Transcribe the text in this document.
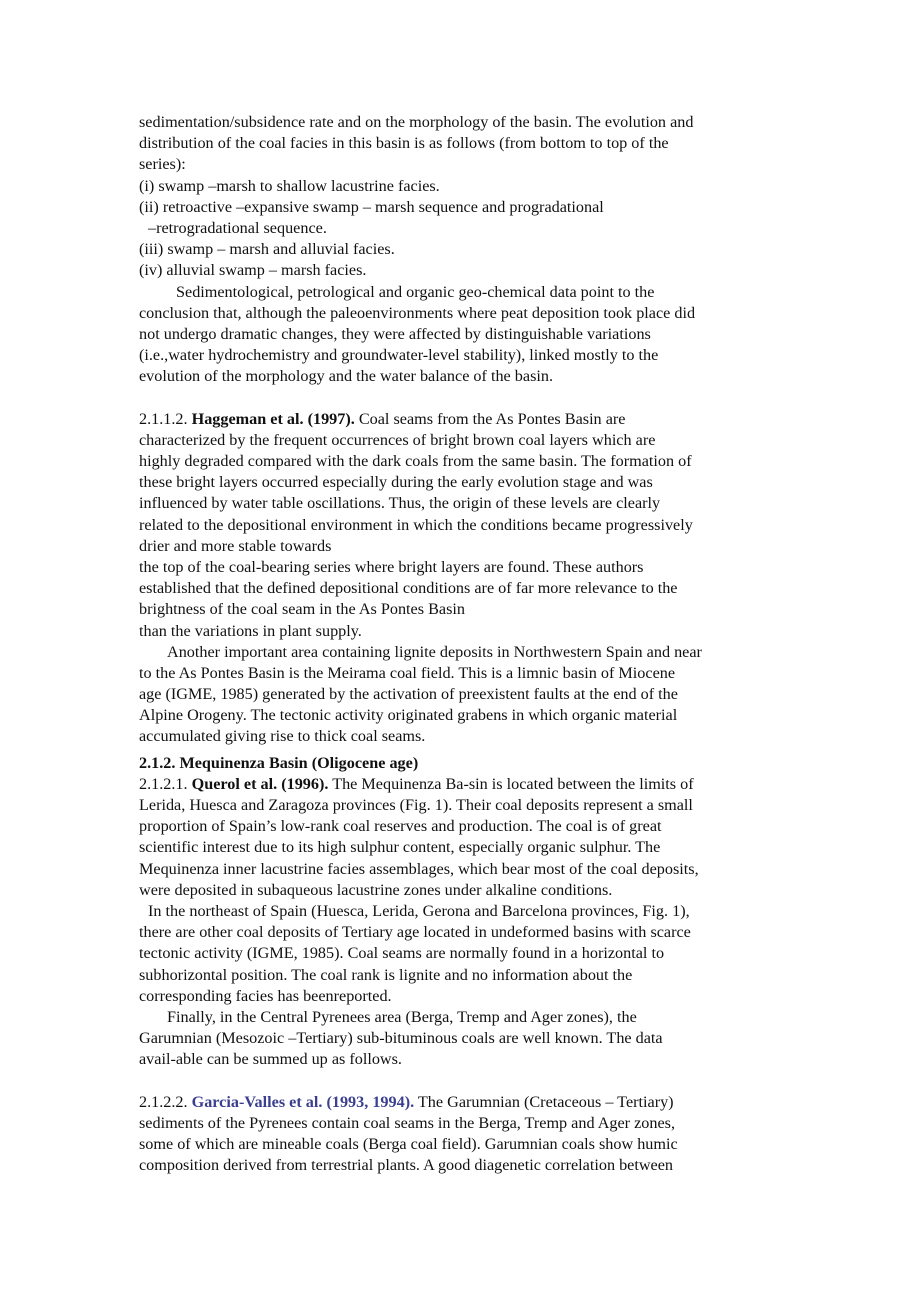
sedimentation/subsidence rate and on the morphology of the basin. The evolution and
distribution of the coal facies in this basin is as follows (from bottom to top of the
series):
(i) swamp –marsh to shallow lacustrine facies.
(ii) retroactive –expansive swamp – marsh sequence and progradational
–retrogradational sequence.
(iii) swamp – marsh and alluvial facies.
(iv) alluvial swamp – marsh facies.
Sedimentological, petrological and organic geo-chemical data point to the
conclusion that, although the paleoenvironments where peat deposition took place did
not undergo dramatic changes, they were affected by distinguishable variations
(i.e.,water hydrochemistry and groundwater-level stability), linked mostly to the
evolution of the morphology and the water balance of the basin.
2.1.1.2. Haggeman et al. (1997). Coal seams from the As Pontes Basin are
characterized by the frequent occurrences of bright brown coal layers which are
highly degraded compared with the dark coals from the same basin. The formation of
these bright layers occurred especially during the early evolution stage and was
influenced by water table oscillations. Thus, the origin of these levels are clearly
related to the depositional environment in which the conditions became progressively
drier and more stable towards
the top of the coal-bearing series where bright layers are found. These authors
established that the defined depositional conditions are of far more relevance to the
brightness of the coal seam in the As Pontes Basin
than the variations in plant supply.
Another important area containing lignite deposits in Northwestern Spain and near
to the As Pontes Basin is the Meirama coal field. This is a limnic basin of Miocene
age (IGME, 1985) generated by the activation of preexistent faults at the end of the
Alpine Orogeny. The tectonic activity originated grabens in which organic material
accumulated giving rise to thick coal seams.
2.1.2. Mequinenza Basin (Oligocene age)
2.1.2.1. Querol et al. (1996). The Mequinenza Ba-sin is located between the limits of
Lerida, Huesca and Zaragoza provinces (Fig. 1). Their coal deposits represent a small
proportion of Spain’s low-rank coal reserves and production. The coal is of great
scientific interest due to its high sulphur content, especially organic sulphur. The
Mequinenza inner lacustrine facies assemblages, which bear most of the coal deposits,
were deposited in subaqueous lacustrine zones under alkaline conditions.
In the northeast of Spain (Huesca, Lerida, Gerona and Barcelona provinces, Fig. 1),
there are other coal deposits of Tertiary age located in undeformed basins with scarce
tectonic activity (IGME, 1985). Coal seams are normally found in a horizontal to
subhorizontal position. The coal rank is lignite and no information about the
corresponding facies has beenreported.
Finally, in the Central Pyrenees area (Berga, Tremp and Ager zones), the
Garumnian (Mesozoic –Tertiary) sub-bituminous coals are well known. The data
avail-able can be summed up as follows.
2.1.2.2. Garcia-Valles et al. (1993, 1994). The Garumnian (Cretaceous – Tertiary)
sediments of the Pyrenees contain coal seams in the Berga, Tremp and Ager zones,
some of which are mineable coals (Berga coal field). Garumnian coals show humic
composition derived from terrestrial plants. A good diagenetic correlation between
